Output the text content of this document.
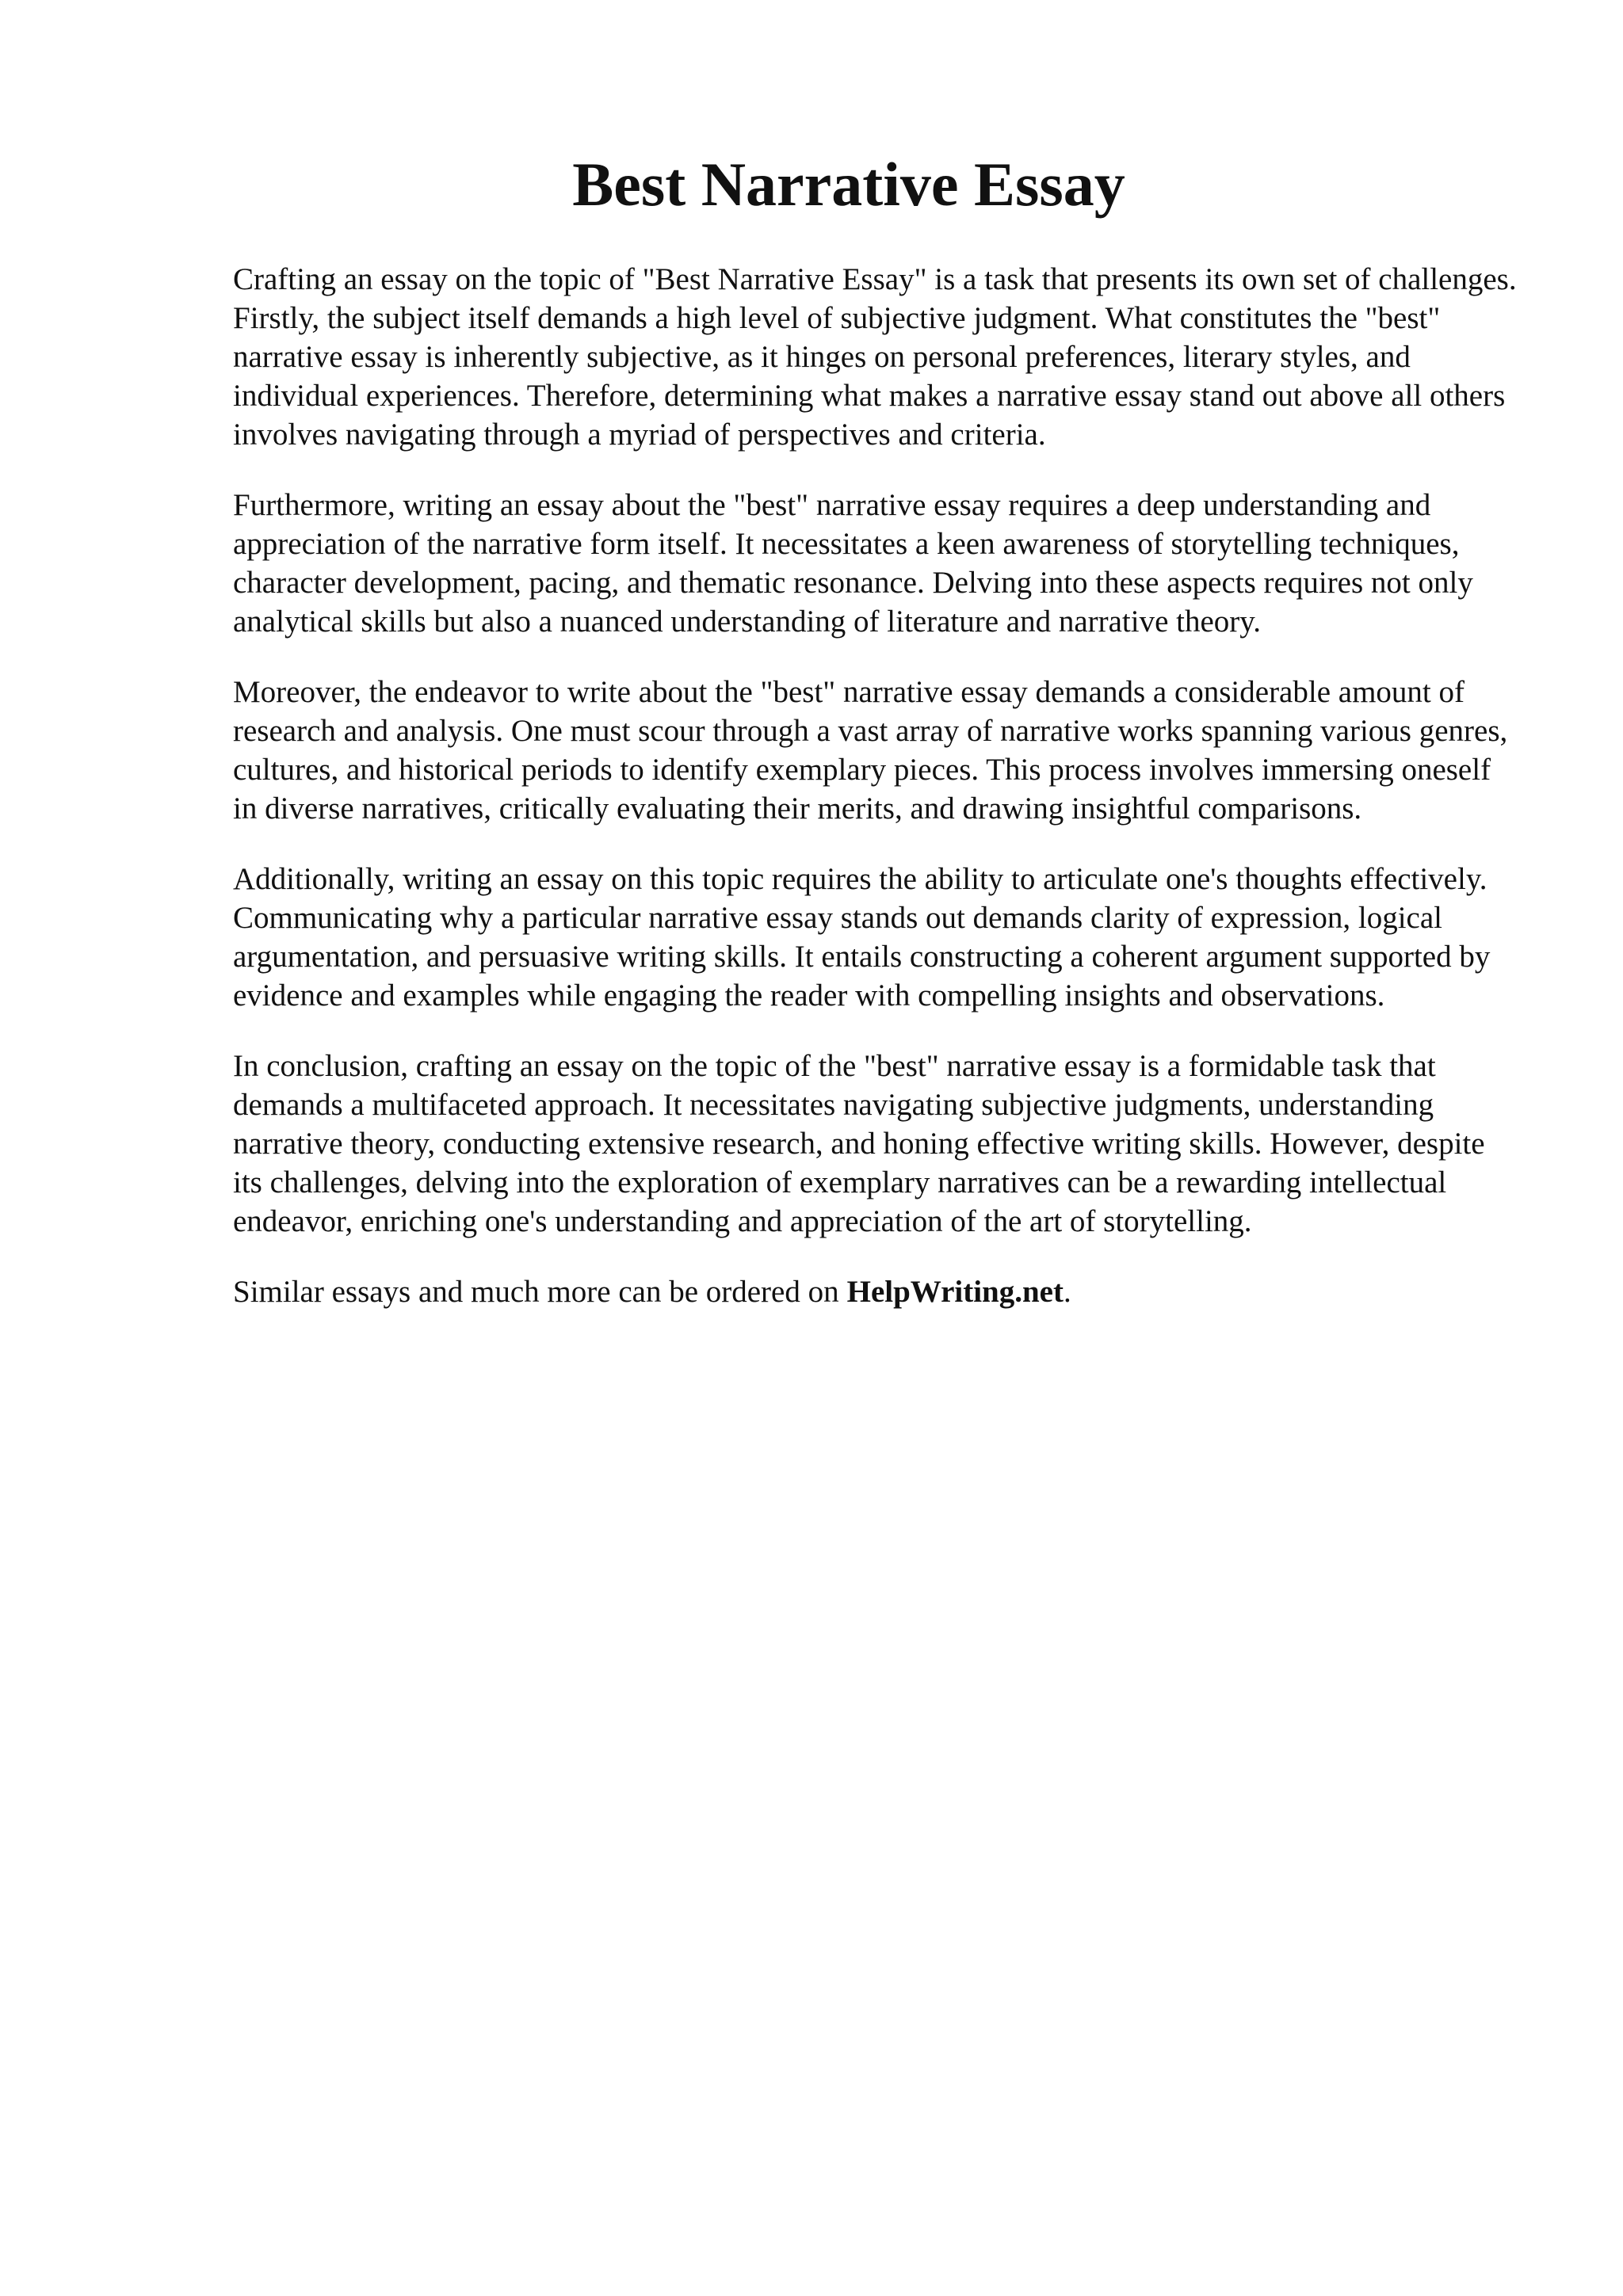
Best Narrative Essay

Crafting an essay on the topic of "Best Narrative Essay" is a task that presents its own set of challenges. Firstly, the subject itself demands a high level of subjective judgment. What constitutes the "best" narrative essay is inherently subjective, as it hinges on personal preferences, literary styles, and individual experiences. Therefore, determining what makes a narrative essay stand out above all others involves navigating through a myriad of perspectives and criteria.

Furthermore, writing an essay about the "best" narrative essay requires a deep understanding and appreciation of the narrative form itself. It necessitates a keen awareness of storytelling techniques, character development, pacing, and thematic resonance. Delving into these aspects requires not only analytical skills but also a nuanced understanding of literature and narrative theory.

Moreover, the endeavor to write about the "best" narrative essay demands a considerable amount of research and analysis. One must scour through a vast array of narrative works spanning various genres, cultures, and historical periods to identify exemplary pieces. This process involves immersing oneself in diverse narratives, critically evaluating their merits, and drawing insightful comparisons.

Additionally, writing an essay on this topic requires the ability to articulate one's thoughts effectively. Communicating why a particular narrative essay stands out demands clarity of expression, logical argumentation, and persuasive writing skills. It entails constructing a coherent argument supported by evidence and examples while engaging the reader with compelling insights and observations.

In conclusion, crafting an essay on the topic of the "best" narrative essay is a formidable task that demands a multifaceted approach. It necessitates navigating subjective judgments, understanding narrative theory, conducting extensive research, and honing effective writing skills. However, despite its challenges, delving into the exploration of exemplary narratives can be a rewarding intellectual endeavor, enriching one's understanding and appreciation of the art of storytelling.

Similar essays and much more can be ordered on HelpWriting.net.
